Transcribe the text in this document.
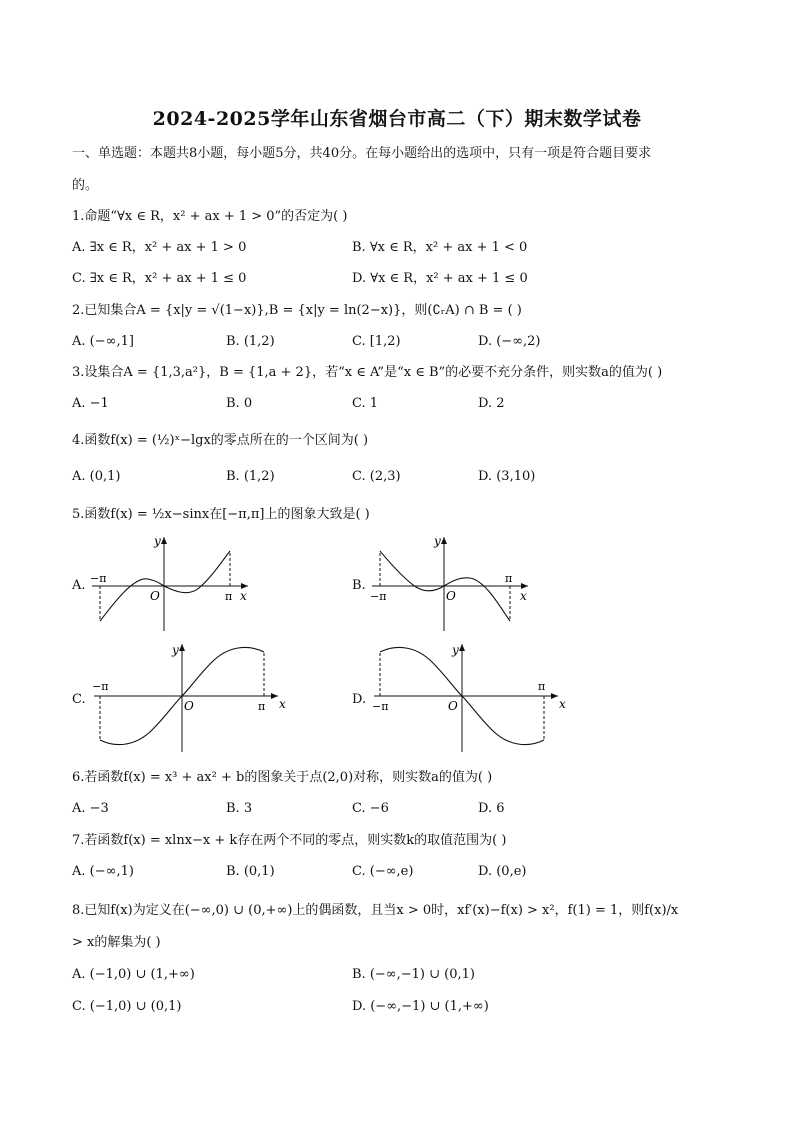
2024-2025学年山东省烟台市高二（下）期末数学试卷
一、单选题：本题共8小题，每小题5分，共40分。在每小题给出的选项中，只有一项是符合题目要求
的。
1.命题“∀x ∈ R，x² + ax + 1 > 0”的否定为( )
A. ∃x ∈ R，x² + ax + 1 > 0	B. ∀x ∈ R，x² + ax + 1 < 0
C. ∃x ∈ R，x² + ax + 1 ≤ 0	D. ∀x ∈ R，x² + ax + 1 ≤ 0
2.已知集合A = {x|y = √(1−x)},B = {x|y = ln(2−x)}，则(∁ᵣA) ∩ B = ( )
A. (−∞,1]	B. (1,2)	C. [1,2)	D. (−∞,2)
3.设集合A = {1,3,a²}，B = {1,a + 2}，若“x ∈ A”是“x ∈ B”的必要不充分条件，则实数a的值为( )
A. −1	B. 0	C. 1	D. 2
4.函数f(x) = (½)ˣ−lgx的零点所在的一个区间为( )
A. (0,1)	B. (1,2)	C. (2,3)	D. (3,10)
5.函数f(x) = ½x−sinx在[−π,π]上的图象大致是( )
A. −π
π
O	x
y
B.
−π
π
O	x
y
C.
−π
π
O	x
y
D. −π
π
O	x
y
6.若函数f(x) = x³ + ax² + b的图象关于点(2,0)对称，则实数a的值为( )
A. −3	B. 3	C. −6	D. 6
7.若函数f(x) = xlnx−x + k存在两个不同的零点，则实数k的取值范围为( )
A. (−∞,1)	B. (0,1)	C. (−∞,e)	D. (0,e)
8.已知f(x)为定义在(−∞,0) ∪ (0,+∞)上的偶函数，且当x > 0时，xf′(x)−f(x) > x²，f(1) = 1，则f(x)/x
> x的解集为( )
A. (−1,0) ∪ (1,+∞)	B. (−∞,−1) ∪ (0,1)
C. (−1,0) ∪ (0,1)	D. (−∞,−1) ∪ (1,+∞)
